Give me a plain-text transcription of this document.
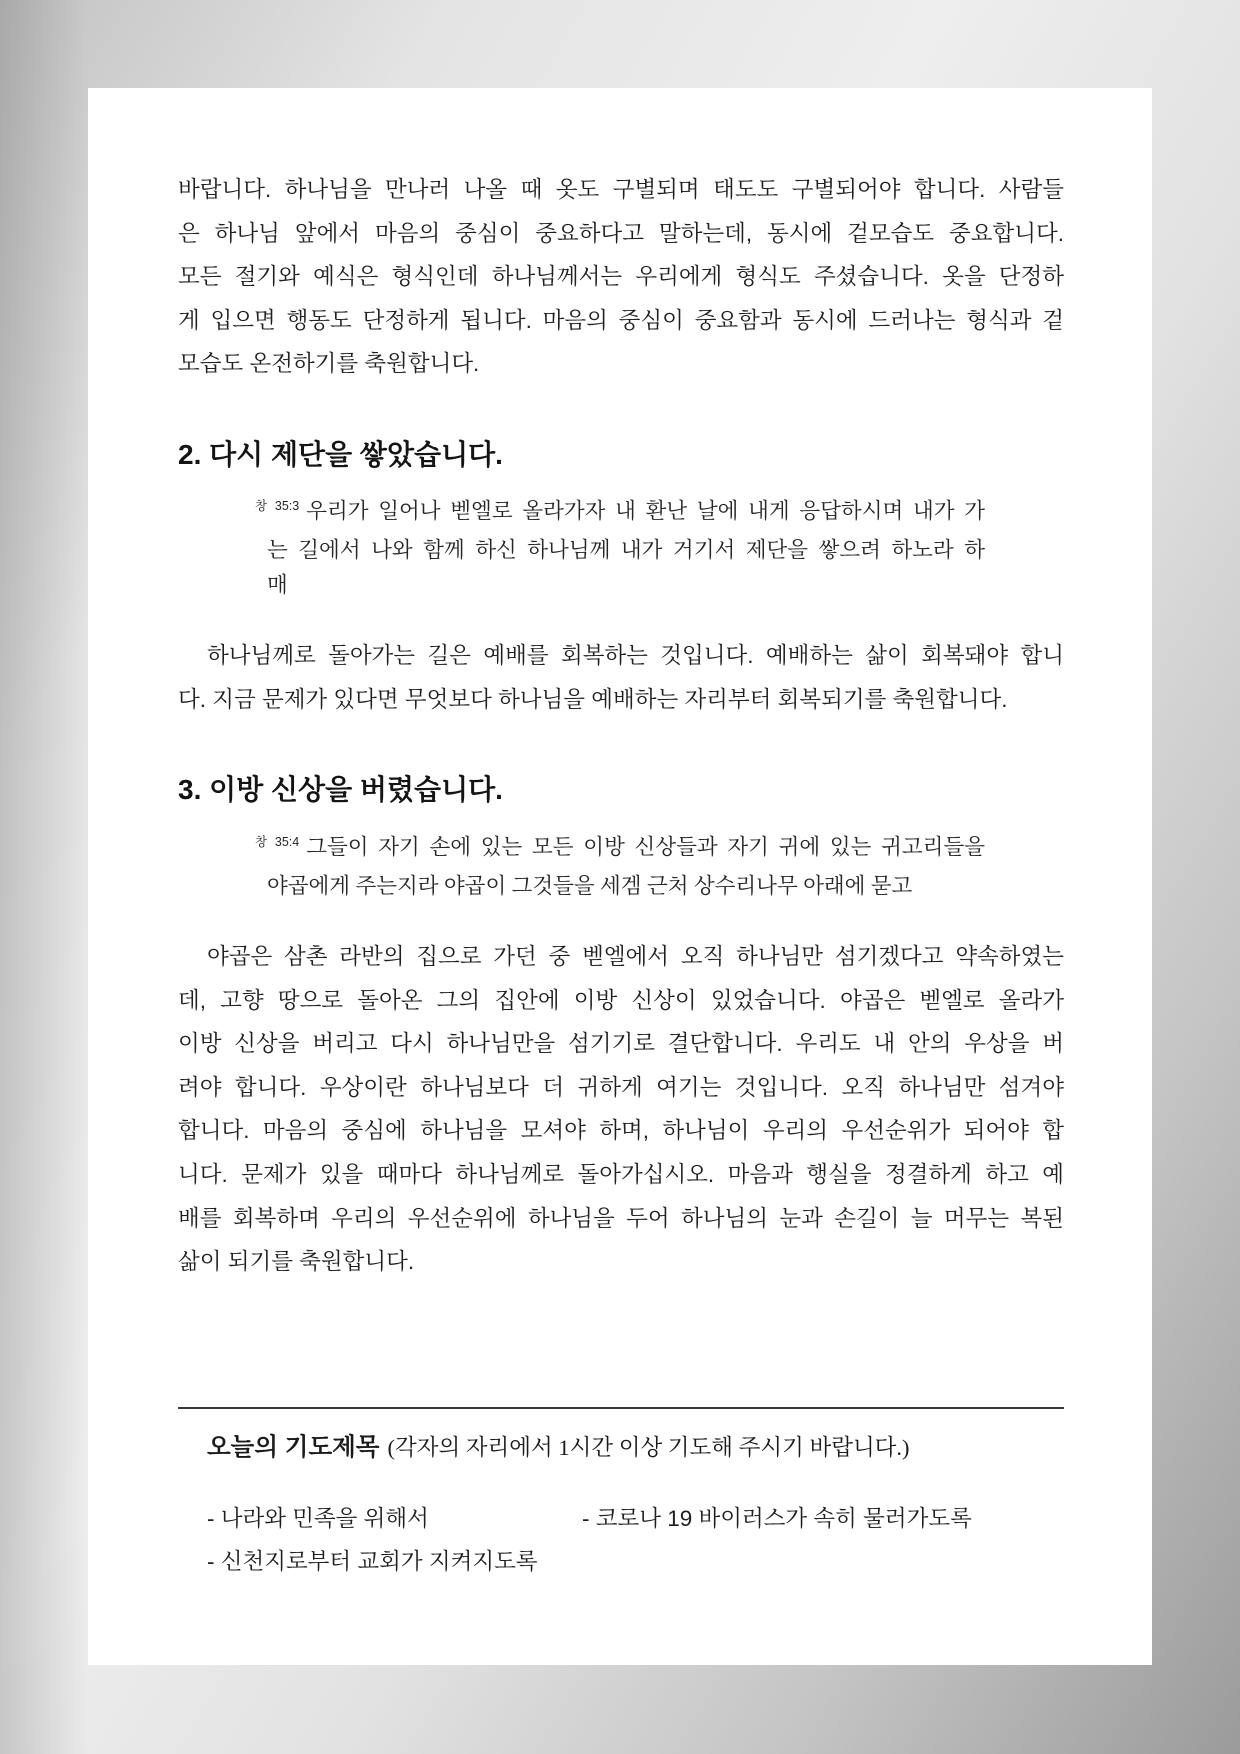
바랍니다. 하나님을 만나러 나올 때 옷도 구별되며 태도도 구별되어야 합니다. 사람들
은 하나님 앞에서 마음의 중심이 중요하다고 말하는데, 동시에 겉모습도 중요합니다.
모든 절기와 예식은 형식인데 하나님께서는 우리에게 형식도 주셨습니다. 옷을 단정하
게 입으면 행동도 단정하게 됩니다. 마음의 중심이 중요함과 동시에 드러나는 형식과 겉
모습도 온전하기를 축원합니다.
2. 다시 제단을 쌓았습니다.
$^{창 35:3}$ 우리가 일어나 벧엘로 올라가자 내 환난 날에 내게 응답하시며 내가 가
는 길에서 나와 함께 하신 하나님께 내가 거기서 제단을 쌓으려 하노라 하
매
하나님께로 돌아가는 길은 예배를 회복하는 것입니다. 예배하는 삶이 회복돼야 합니
다. 지금 문제가 있다면 무엇보다 하나님을 예배하는 자리부터 회복되기를 축원합니다.
3. 이방 신상을 버렸습니다.
$^{창 35:4}$ 그들이 자기 손에 있는 모든 이방 신상들과 자기 귀에 있는 귀고리들을
야곱에게 주는지라 야곱이 그것들을 세겜 근처 상수리나무 아래에 묻고
야곱은 삼촌 라반의 집으로 가던 중 벧엘에서 오직 하나님만 섬기겠다고 약속하였는
데, 고향 땅으로 돌아온 그의 집안에 이방 신상이 있었습니다. 야곱은 벧엘로 올라가
이방 신상을 버리고 다시 하나님만을 섬기기로 결단합니다. 우리도 내 안의 우상을 버
려야 합니다. 우상이란 하나님보다 더 귀하게 여기는 것입니다. 오직 하나님만 섬겨야
합니다. 마음의 중심에 하나님을 모셔야 하며, 하나님이 우리의 우선순위가 되어야 합
니다. 문제가 있을 때마다 하나님께로 돌아가십시오. 마음과 행실을 정결하게 하고 예
배를 회복하며 우리의 우선순위에 하나님을 두어 하나님의 눈과 손길이 늘 머무는 복된
삶이 되기를 축원합니다.
오늘의 기도제목 (각자의 자리에서 1시간 이상 기도해 주시기 바랍니다.)
- 나라와 민족을 위해서	- 코로나 19 바이러스가 속히 물러가도록
- 신천지로부터 교회가 지켜지도록
